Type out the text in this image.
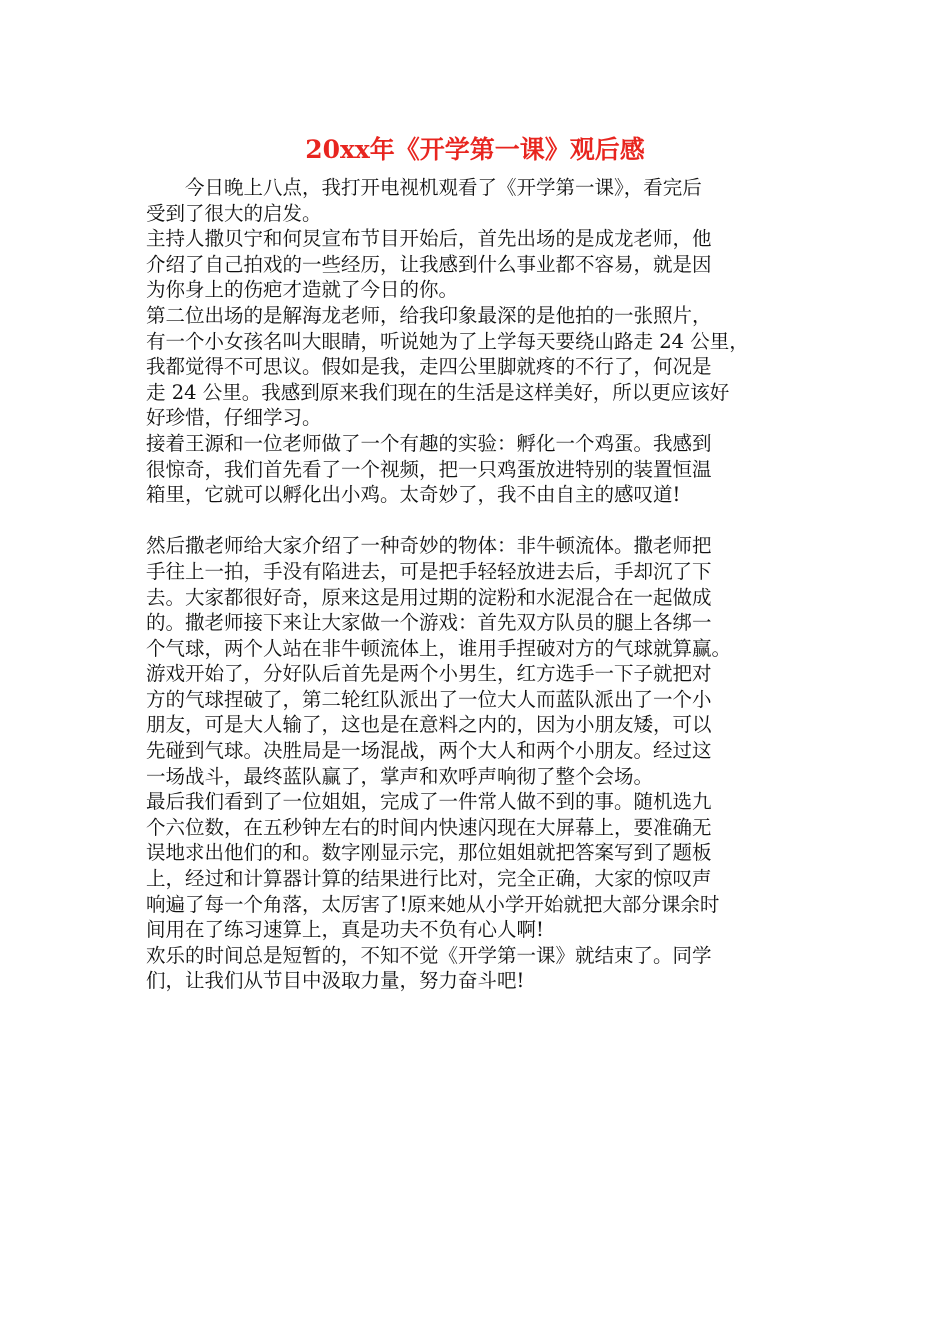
20xx年《开学第一课》观后感
　　今日晚上八点，我打开电视机观看了《开学第一课》，看完后
受到了很大的启发。
主持人撒贝宁和何炅宣布节目开始后，首先出场的是成龙老师，他
介绍了自己拍戏的一些经历，让我感到什么事业都不容易，就是因
为你身上的伤疤才造就了今日的你。
第二位出场的是解海龙老师，给我印象最深的是他拍的一张照片，
有一个小女孩名叫大眼睛，听说她为了上学每天要绕山路走 24 公里，
我都觉得不可思议。假如是我，走四公里脚就疼的不行了，何况是
走 24 公里。我感到原来我们现在的生活是这样美好，所以更应该好
好珍惜，仔细学习。
接着王源和一位老师做了一个有趣的实验：孵化一个鸡蛋。我感到
很惊奇，我们首先看了一个视频，把一只鸡蛋放进特别的装置恒温
箱里，它就可以孵化出小鸡。太奇妙了，我不由自主的感叹道!
然后撒老师给大家介绍了一种奇妙的物体：非牛顿流体。撒老师把
手往上一拍，手没有陷进去，可是把手轻轻放进去后，手却沉了下
去。大家都很好奇，原来这是用过期的淀粉和水泥混合在一起做成
的。撒老师接下来让大家做一个游戏：首先双方队员的腿上各绑一
个气球，两个人站在非牛顿流体上，谁用手捏破对方的气球就算赢。
游戏开始了，分好队后首先是两个小男生，红方选手一下子就把对
方的气球捏破了，第二轮红队派出了一位大人而蓝队派出了一个小
朋友，可是大人输了，这也是在意料之内的，因为小朋友矮，可以
先碰到气球。决胜局是一场混战，两个大人和两个小朋友。经过这
一场战斗，最终蓝队赢了，掌声和欢呼声响彻了整个会场。
最后我们看到了一位姐姐，完成了一件常人做不到的事。随机选九
个六位数，在五秒钟左右的时间内快速闪现在大屏幕上，要准确无
误地求出他们的和。数字刚显示完，那位姐姐就把答案写到了题板
上，经过和计算器计算的结果进行比对，完全正确，大家的惊叹声
响遍了每一个角落，太厉害了!原来她从小学开始就把大部分课余时
间用在了练习速算上，真是功夫不负有心人啊!
欢乐的时间总是短暂的，不知不觉《开学第一课》就结束了。同学
们，让我们从节目中汲取力量，努力奋斗吧!
